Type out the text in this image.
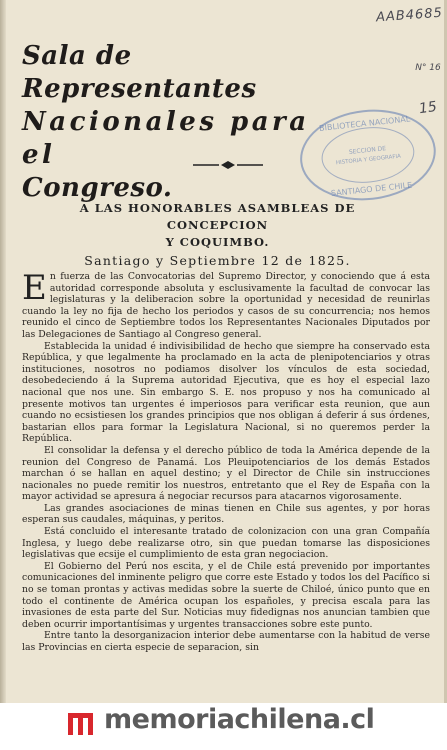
AAB4685
N° 16
15
Sala de Representantes
Nacionales para el
Congreso.
BIBLIOTECA NACIONAL
SECCION DE
HISTORIA Y GEOGRAFIA
SANTIAGO DE CHILE
A LAS HONORABLES ASAMBLEAS DE CONCEPCION
Y COQUIMBO.

Santiago y Septiembre 12 de 1825.

En fuerza de las Convocatorias del Supremo Director, y conociendo que á esta autoridad corresponde absoluta y esclusivamente la facultad de convocar las legislaturas y la deliberacion sobre la oportunidad y necesidad de reunirlas cuando la ley no fija de hecho los periodos y casos de su concurrencia; nos hemos reunido el cinco de Septiembre todos los Representantes Nacionales Diputados por las Delegaciones de Santiago al Congreso general.

Establecida la unidad é indivisibilidad de hecho que siempre ha conservado esta República, y que legalmente ha proclamado en la acta de plenipotenciarios y otras instituciones, nosotros no podiamos disolver los vínculos de esta sociedad, desobedeciendo á la Suprema autoridad Ejecutiva, que es hoy el especial lazo nacional que nos une. Sin embargo S. E. nos propuso y nos ha comunicado al presente motivos tan urgentes é imperiosos para verificar esta reunion, que aun cuando no ecsistiesen los grandes principios que nos obligan á deferir á sus órdenes, bastarian ellos para formar la Legislatura Nacional, si no queremos perder la República.

El consolidar la defensa y el derecho público de toda la América depende de la reunion del Congreso de Panamá. Los Pleuipotenciarios de los demás Estados marchan ó se hallan en aquel destino; y el Director de Chile sin instrucciones nacionales no puede remitir los nuestros, entretanto que el Rey de España con la mayor actividad se apresura á negociar recursos para atacarnos vigorosamente.

Las grandes asociaciones de minas tienen en Chile sus agentes, y por horas esperan sus caudales, máquinas, y peritos.

Está concluido el interesante tratado de colonizacion con una gran Compañía Inglesa, y luego debe realizarse otro, sin que puedan tomarse las disposiciones legislativas que ecsije el cumplimiento de esta gran negociacion.

El Gobierno del Perú nos escita, y el de Chile está prevenido por importantes comunicaciones del inminente peligro que corre este Estado y todos los del Pacífico si no se toman prontas y activas medidas sobre la suerte de Chiloé, único punto que en todo el continente de América ocupan los españoles, y precisa escala para las invasiones de esta parte del Sur. Noticias muy fidedignas nos anuncian tambien que deben ocurrir importantísimas y urgentes transacciones sobre este punto.

Entre tanto la desorganizacion interior debe aumentarse con la habitud de verse las Provincias en cierta especie de separacion, sin

memoriachilena.cl
